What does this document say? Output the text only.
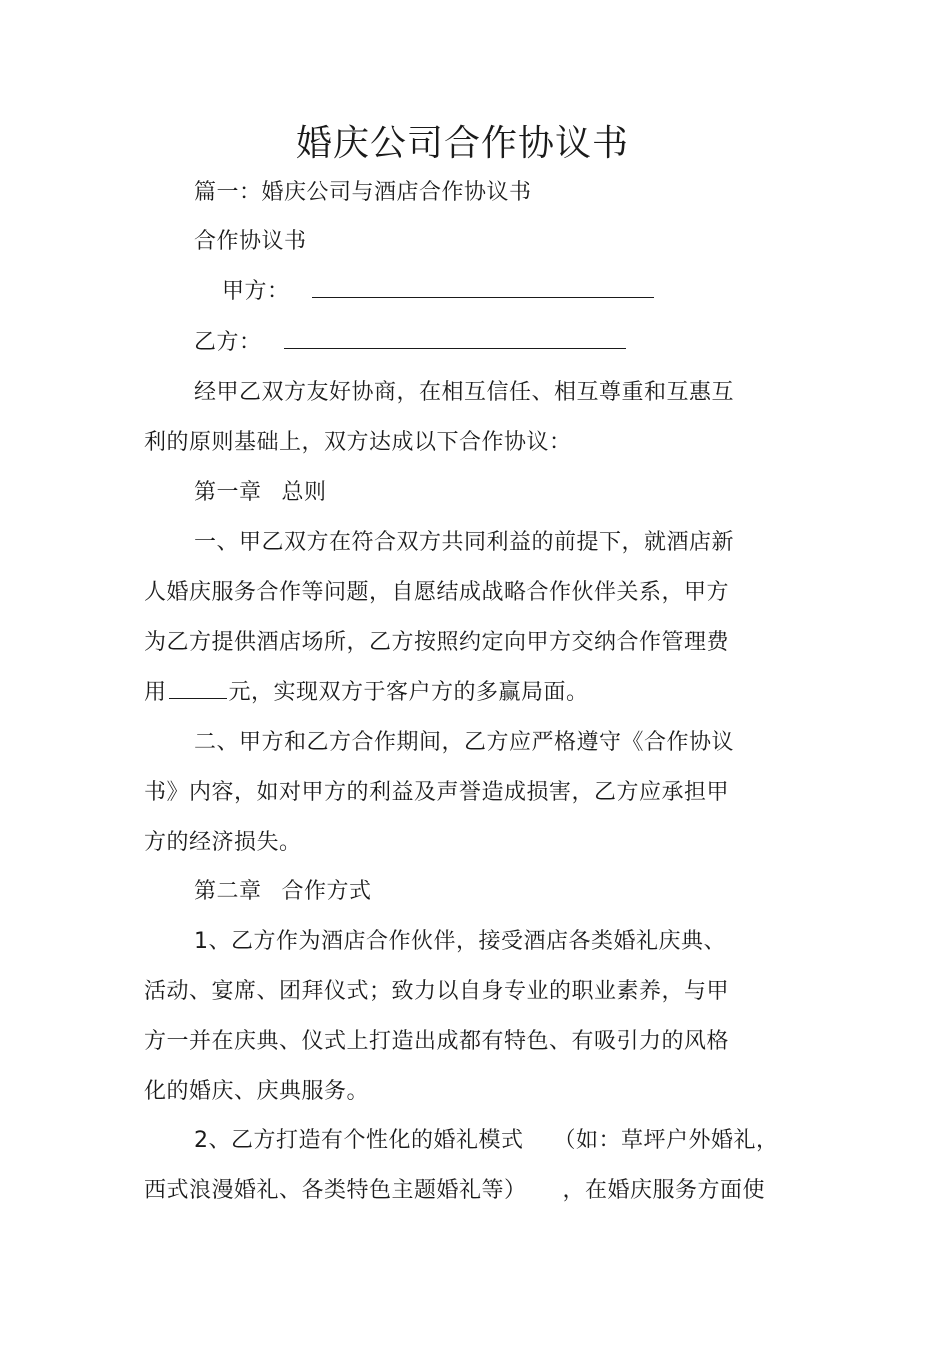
婚庆公司合作协议书
篇一：婚庆公司与酒店合作协议书
合作协议书
甲方：
乙方：
经甲乙双方友好协商，在相互信任、相互尊重和互惠互
利的原则基础上，双方达成以下合作协议：
第一章 总则
一、甲乙双方在符合双方共同利益的前提下，就酒店新
人婚庆服务合作等问题，自愿结成战略合作伙伴关系，甲方
为乙方提供酒店场所，乙方按照约定向甲方交纳合作管理费
用	元，实现双方于客户方的多赢局面。
二、甲方和乙方合作期间，乙方应严格遵守《合作协议
书》内容，如对甲方的利益及声誉造成损害，乙方应承担甲
方的经济损失。
第二章 合作方式
1、乙方作为酒店合作伙伴，接受酒店各类婚礼庆典、
活动、宴席、团拜仪式；致力以自身专业的职业素养，与甲
方一并在庆典、仪式上打造出成都有特色、有吸引力的风格
化的婚庆、庆典服务。
2、乙方打造有个性化的婚礼模式 （如：草坪户外婚礼，
西式浪漫婚礼、各类特色主题婚礼等） ，在婚庆服务方面使
